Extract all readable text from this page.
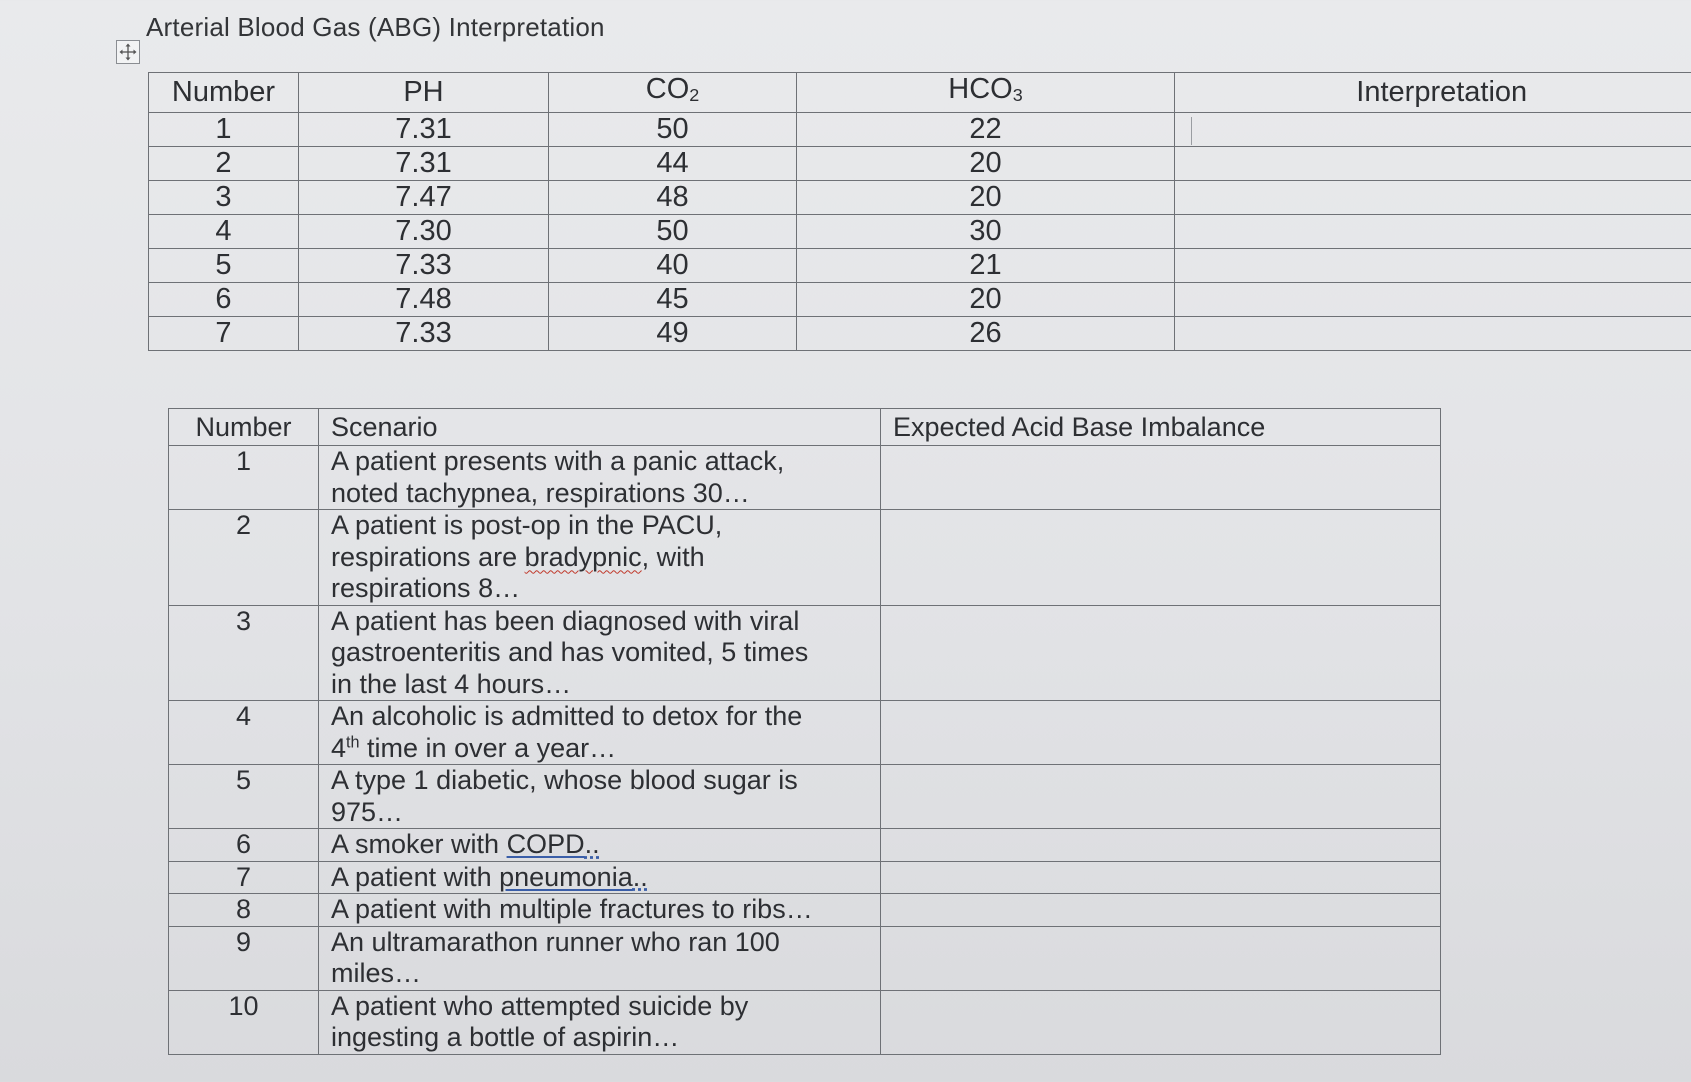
Arterial Blood Gas (ABG) Interpretation
Number	PH	$CO_2$	$HCO_3$	Interpretation
1	7.31	50	22	
2	7.31	44	20	
3	7.47	48	20	
4	7.30	50	30	
5	7.33	40	21	
6	7.48	45	20	
7	7.33	49	26	
Number	Scenario	Expected Acid Base Imbalance
1	A patient presents with a panic attack,
noted tachypnea, respirations 30…	

2	A patient is post-op in the PACU,
respirations are bradypnic, with
respirations 8…	

3	A patient has been diagnosed with viral
gastroenteritis and has vomited, 5 times
in the last 4 hours…	

4	An alcoholic is admitted to detox for the
4th time in over a year…	

5	A type 1 diabetic, whose blood sugar is
975…	

6	A smoker with COPD..	

7	A patient with pneumonia..	

8	A patient with multiple fractures to ribs…	

9	An ultramarathon runner who ran 100
miles…	

10	A patient who attempted suicide by
ingesting a bottle of aspirin…	
